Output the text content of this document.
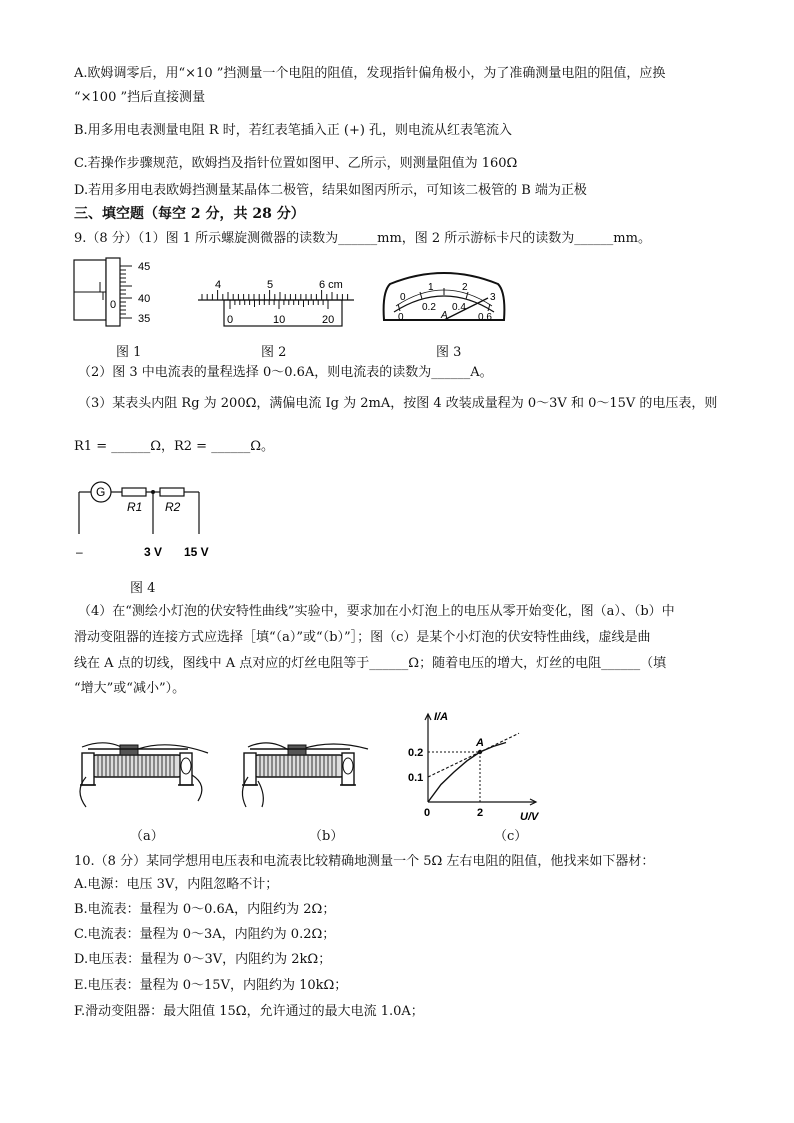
A.欧姆调零后，用“×10 ”挡测量一个电阻的阻值，发现指针偏角极小，为了准确测量电阻的阻值，应换
“×100 ”挡后直接测量
B.用多用电表测量电阻 R 时，若红表笔插入正 (+) 孔，则电流从红表笔流入
C.若操作步骤规范，欧姆挡及指针位置如图甲、乙所示，则测量阻值为 160Ω
D.若用多用电表欧姆挡测量某晶体二极管，结果如图丙所示，可知该二极管的 B 端为正极
三、填空题（每空 2 分，共 28 分）
9.（8 分）（1）图 1 所示螺旋测微器的读数为______mm，图 2 所示游标卡尺的读数为______mm。
（2）图 3 中电流表的量程选择 0～0.6A，则电流表的读数为______A。
（3）某表头内阻 Rg 为 200Ω，满偏电流 Ig 为 2mA，按图 4 改装成量程为 0～3V 和 0～15V 的电压表，则
R1 = ______Ω，R2 = ______Ω。
（4）在“测绘小灯泡的伏安特性曲线”实验中，要求加在小灯泡上的电压从零开始变化，图（a）、（b）中
滑动变阻器的连接方式应选择［填“（a）”或“（b）”］；图（c）是某个小灯泡的伏安特性曲线，虚线是曲
线在 A 点的切线，图线中 A 点对应的灯丝电阻等于______Ω；随着电压的增大，灯丝的电阻______（填
“增大”或“减小”）。
10.（8 分）某同学想用电压表和电流表比较精确地测量一个 5Ω 左右电阻的阻值，他找来如下器材：
A.电源：电压 3V，内阻忽略不计；
B.电流表：量程为 0～0.6A，内阻约为 2Ω；
C.电流表：量程为 0～3A，内阻约为 0.2Ω；
D.电压表：量程为 0～3V，内阻约为 2kΩ；
E.电压表：量程为 0～15V，内阻约为 10kΩ；
F.滑动变阻器：最大阻值 15Ω，允许通过的最大电流 1.0A；
45
40
35
0
图 1
4	5	6 cm
0	10	20
图 2
0
1	2
3
0
0.2 0.4
0.6
A
图 3
G
R1 R2
–	3 V 15 V
图 4
（a）	（b）
I/A
U/V
0
0.2
0.1
2
A
（c）
